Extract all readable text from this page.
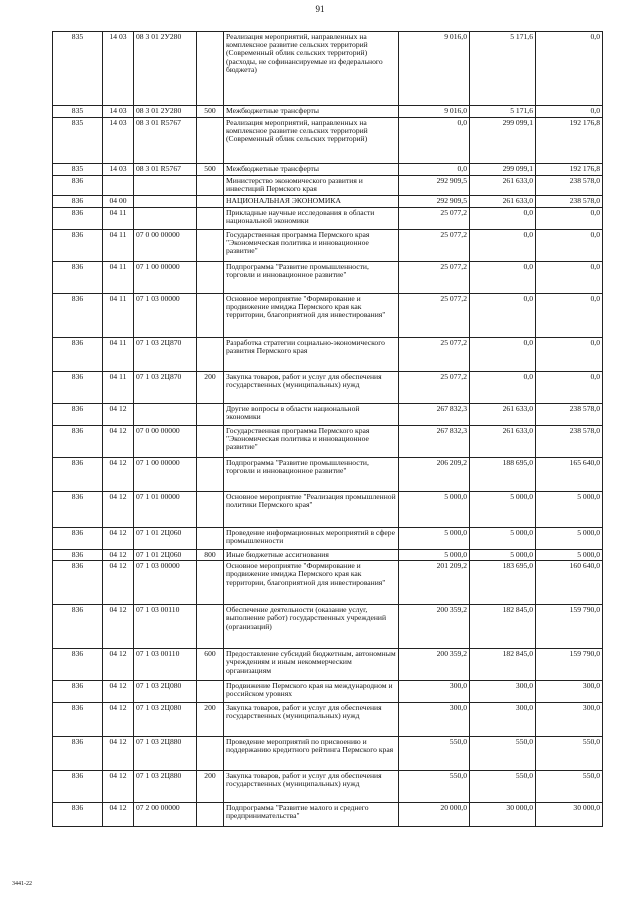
91
835	14 03	08 3 01 2У280		Реализация мероприятий, направленных на комплексное развитие сельских территорий (Современный облик сельских территорий) (расходы, не софинансируемые из федерального бюджета)	9 016,0	5 171,6	0,0
835	14 03	08 3 01 2У280	500	Межбюджетные трансферты	9 016,0	5 171,6	0,0
835	14 03	08 3 01 R5767		Реализация мероприятий, направленных на комплексное развитие сельских территорий (Современный облик сельских территорий)	0,0	299 099,1	192 176,8
835	14 03	08 3 01 R5767	500	Межбюджетные трансферты	0,0	299 099,1	192 176,8
836				Министерство экономического развития и инвестиций Пермского края	292 909,5	261 633,0	238 578,0
836	04 00			НАЦИОНАЛЬНАЯ ЭКОНОМИКА	292 909,5	261 633,0	238 578,0
836	04 11			Прикладные научные исследования в области национальной экономики	25 077,2	0,0	0,0
836	04 11	07 0 00 00000		Государственная программа Пермского края "Экономическая политика и инновационное развитие"	25 077,2	0,0	0,0
836	04 11	07 1 00 00000		Подпрограмма "Развитие промышленности, торговли и инновационное развитие"	25 077,2	0,0	0,0
836	04 11	07 1 03 00000		Основное мероприятие "Формирование и продвижение имиджа Пермского края как территории, благоприятной для инвестирования"	25 077,2	0,0	0,0
836	04 11	07 1 03 2Ц870		Разработка стратегии социально-экономического развития Пермского края	25 077,2	0,0	0,0
836	04 11	07 1 03 2Ц870	200	Закупка товаров, работ и услуг для обеспечения государственных (муниципальных) нужд	25 077,2	0,0	0,0
836	04 12			Другие вопросы в области национальной экономики	267 832,3	261 633,0	238 578,0
836	04 12	07 0 00 00000		Государственная программа Пермского края "Экономическая политика и инновационное развитие"	267 832,3	261 633,0	238 578,0
836	04 12	07 1 00 00000		Подпрограмма "Развитие промышленности, торговли и инновационное развитие"	206 209,2	188 695,0	165 640,0
836	04 12	07 1 01 00000		Основное мероприятие "Реализация промышленной политики Пермского края"	5 000,0	5 000,0	5 000,0
836	04 12	07 1 01 2Ц060		Проведение информационных мероприятий в сфере промышленности	5 000,0	5 000,0	5 000,0
836	04 12	07 1 01 2Ц060	800	Иные бюджетные ассигнования	5 000,0	5 000,0	5 000,0
836	04 12	07 1 03 00000		Основное мероприятие "Формирование и продвижение имиджа Пермского края как территории, благоприятной для инвестирования"	201 209,2	183 695,0	160 640,0
836	04 12	07 1 03 00110		Обеспечение деятельности (оказание услуг, выполнение работ) государственных учреждений (организаций)	200 359,2	182 845,0	159 790,0
836	04 12	07 1 03 00110	600	Предоставление субсидий бюджетным, автономным учреждениям и иным некоммерческим организациям	200 359,2	182 845,0	159 790,0
836	04 12	07 1 03 2Ц080		Продвижение Пермского края на международном и российском уровнях	300,0	300,0	300,0
836	04 12	07 1 03 2Ц080	200	Закупка товаров, работ и услуг для обеспечения государственных (муниципальных) нужд	300,0	300,0	300,0
836	04 12	07 1 03 2Ц880		Проведение мероприятий по присвоению и поддержанию кредитного рейтинга Пермского края	550,0	550,0	550,0
836	04 12	07 1 03 2Ц880	200	Закупка товаров, работ и услуг для обеспечения государственных (муниципальных) нужд	550,0	550,0	550,0
836	04 12	07 2 00 00000		Подпрограмма "Развитие малого и среднего предпринимательства"	20 000,0	30 000,0	30 000,0
3441-22
